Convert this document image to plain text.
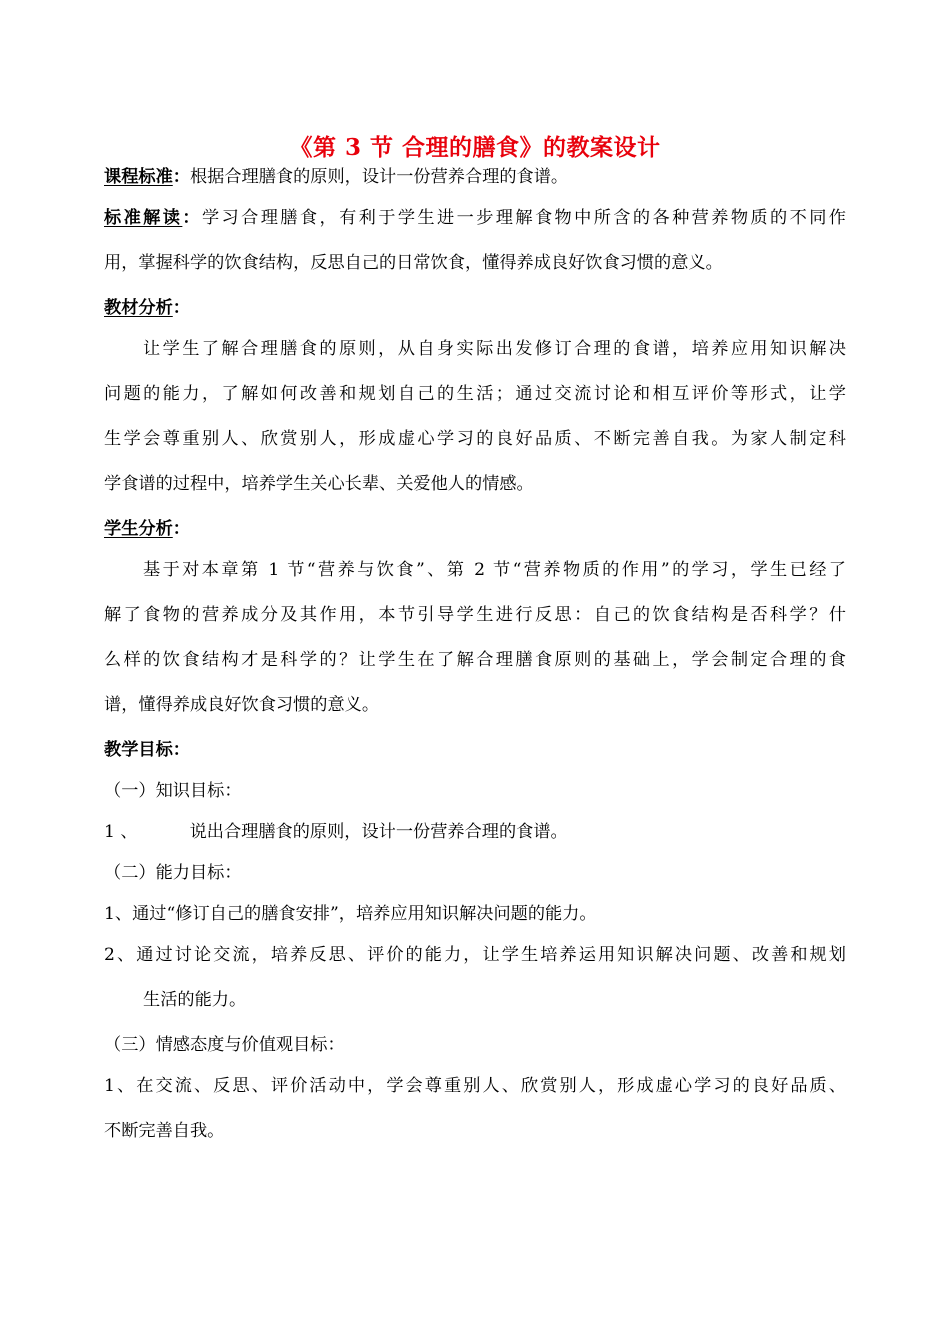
《第 3 节 合理的膳食》的教案设计
课程标准：根据合理膳食的原则，设计一份营养合理的食谱。
标准解读：学习合理膳食，有利于学生进一步理解食物中所含的各种营养物质的不同作
用，掌握科学的饮食结构，反思自己的日常饮食，懂得养成良好饮食习惯的意义。
教材分析：
让学生了解合理膳食的原则，从自身实际出发修订合理的食谱，培养应用知识解决
问题的能力，了解如何改善和规划自己的生活；通过交流讨论和相互评价等形式，让学
生学会尊重别人、欣赏别人，形成虚心学习的良好品质、不断完善自我。为家人制定科
学食谱的过程中，培养学生关心长辈、关爱他人的情感。
学生分析：
基于对本章第 1 节“营养与饮食”、第 2 节“营养物质的作用”的学习，学生已经了
解了食物的营养成分及其作用，本节引导学生进行反思：自己的饮食结构是否科学？什
么样的饮食结构才是科学的？让学生在了解合理膳食原则的基础上，学会制定合理的食
谱，懂得养成良好饮食习惯的意义。
教学目标：
（一）知识目标：
1 、	说出合理膳食的原则，设计一份营养合理的食谱。
（二）能力目标：
1、通过“修订自己的膳食安排”，培养应用知识解决问题的能力。
2、通过讨论交流，培养反思、评价的能力，让学生培养运用知识解决问题、改善和规划
生活的能力。
（三）情感态度与价值观目标：
1、在交流、反思、评价活动中，学会尊重别人、欣赏别人，形成虚心学习的良好品质、
不断完善自我。
